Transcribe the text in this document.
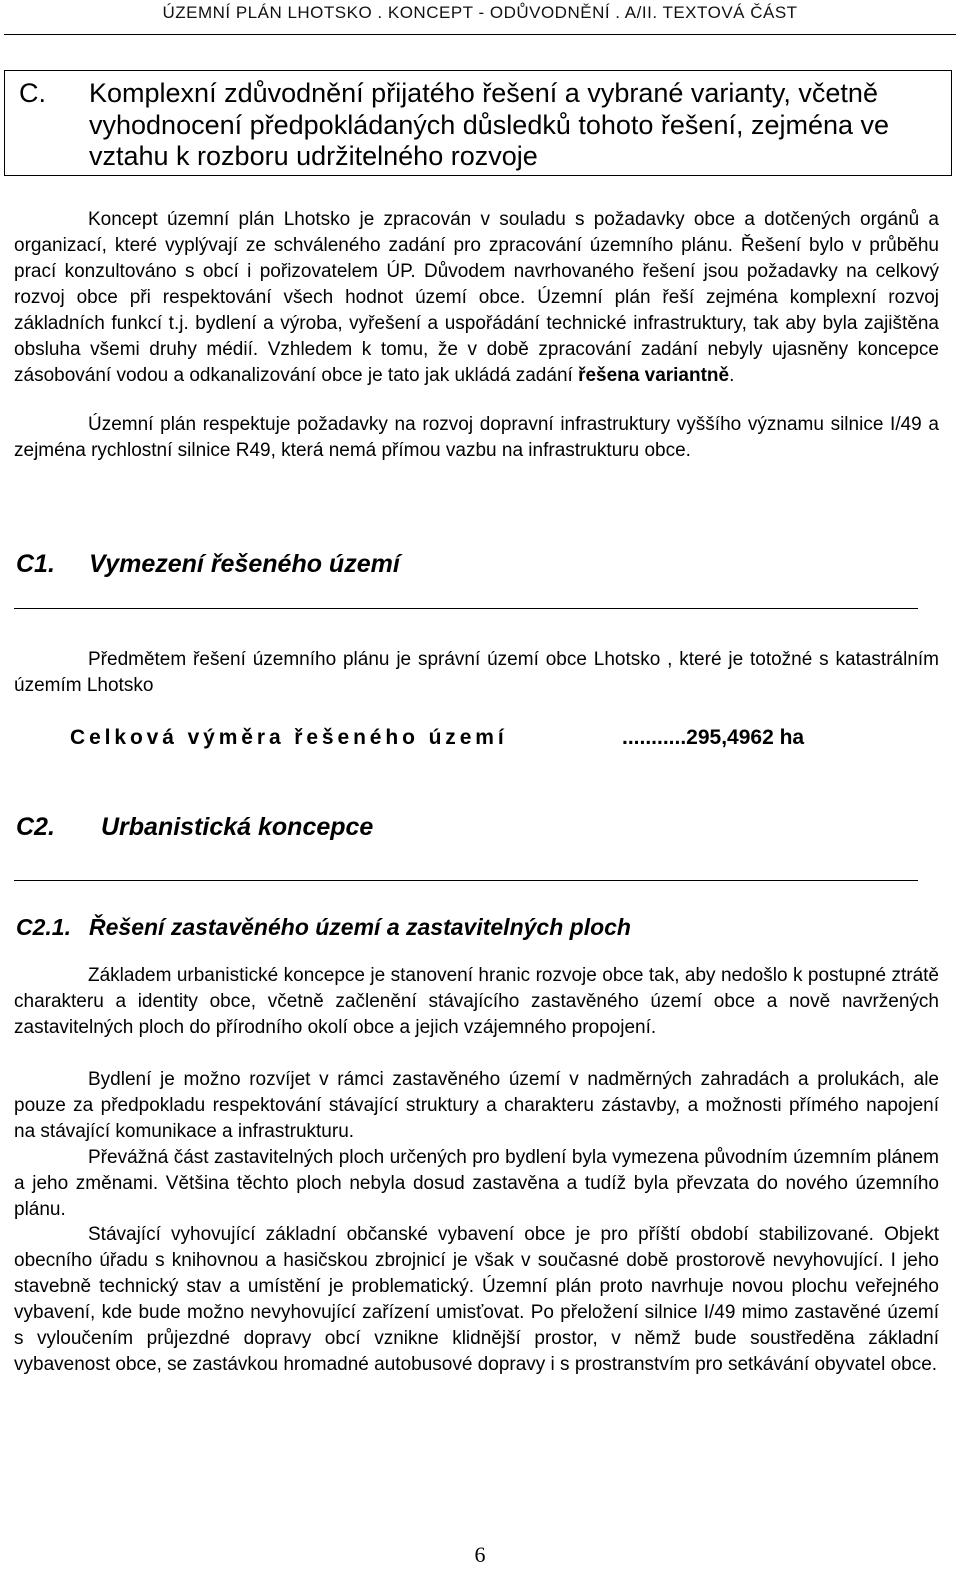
ÚZEMNÍ PLÁN LHOTSKO . KONCEPT - ODŮVODNĚNÍ . A/II. TEXTOVÁ ČÁST
C. Komplexní zdůvodnění přijatého řešení a vybrané varianty, včetně vyhodnocení předpokládaných důsledků tohoto řešení, zejména ve vztahu k rozboru udržitelného rozvoje

Koncept územní plán Lhotsko je zpracován v souladu s požadavky obce a dotčených orgánů a organizací, které vyplývají ze schváleného zadání pro zpracování územního plánu. Řešení bylo v průběhu prací konzultováno s obcí i pořizovatelem ÚP. Důvodem navrhovaného řešení jsou požadavky na celkový rozvoj obce při respektování všech hodnot území obce. Územní plán řeší zejména komplexní rozvoj základních funkcí t.j. bydlení a výroba, vyřešení a uspořádání technické infrastruktury, tak aby byla zajištěna obsluha všemi druhy médií. Vzhledem k tomu, že v době zpracování zadání nebyly ujasněny koncepce zásobování vodou a odkanalizování obce je tato jak ukládá zadání řešena variantně.

Územní plán respektuje požadavky na rozvoj dopravní infrastruktury vyššího významu silnice I/49 a zejména rychlostní silnice R49, která nemá přímou vazbu na infrastrukturu obce.

C1. Vymezení řešeného území

Předmětem řešení územního plánu je správní území obce Lhotsko , které je totožné s katastrálním územím Lhotsko

Celková výměra řešeného území	...........295,4962 ha
C2. Urbanistická koncepce
C2.1. Řešení zastavěného území a zastavitelných ploch

Základem urbanistické koncepce je stanovení hranic rozvoje obce tak, aby nedošlo k postupné ztrátě charakteru a identity obce, včetně začlenění stávajícího zastavěného území obce a nově navržených zastavitelných ploch do přírodního okolí obce a jejich vzájemného propojení.

Bydlení je možno rozvíjet v rámci zastavěného území v nadměrných zahradách a prolukách, ale pouze za předpokladu respektování stávající struktury a charakteru zástavby, a možnosti přímého napojení na stávající komunikace a infrastrukturu.

Převážná část zastavitelných ploch určených pro bydlení byla vymezena původním územním plánem a jeho změnami. Většina těchto ploch nebyla dosud zastavěna a tudíž byla převzata do nového územního plánu.

Stávající vyhovující základní občanské vybavení obce je pro příští období stabilizované. Objekt obecního úřadu s knihovnou a hasičskou zbrojnicí je však v současné době prostorově nevyhovující. I jeho stavebně technický stav a umístění je problematický. Územní plán proto navrhuje novou plochu veřejného vybavení, kde bude možno nevyhovující zařízení umisťovat. Po přeložení silnice I/49 mimo zastavěné území s vyloučením průjezdné dopravy obcí vznikne klidnější prostor, v němž bude soustředěna základní vybavenost obce, se zastávkou hromadné autobusové dopravy i s prostranstvím pro setkávání obyvatel obce.

6
